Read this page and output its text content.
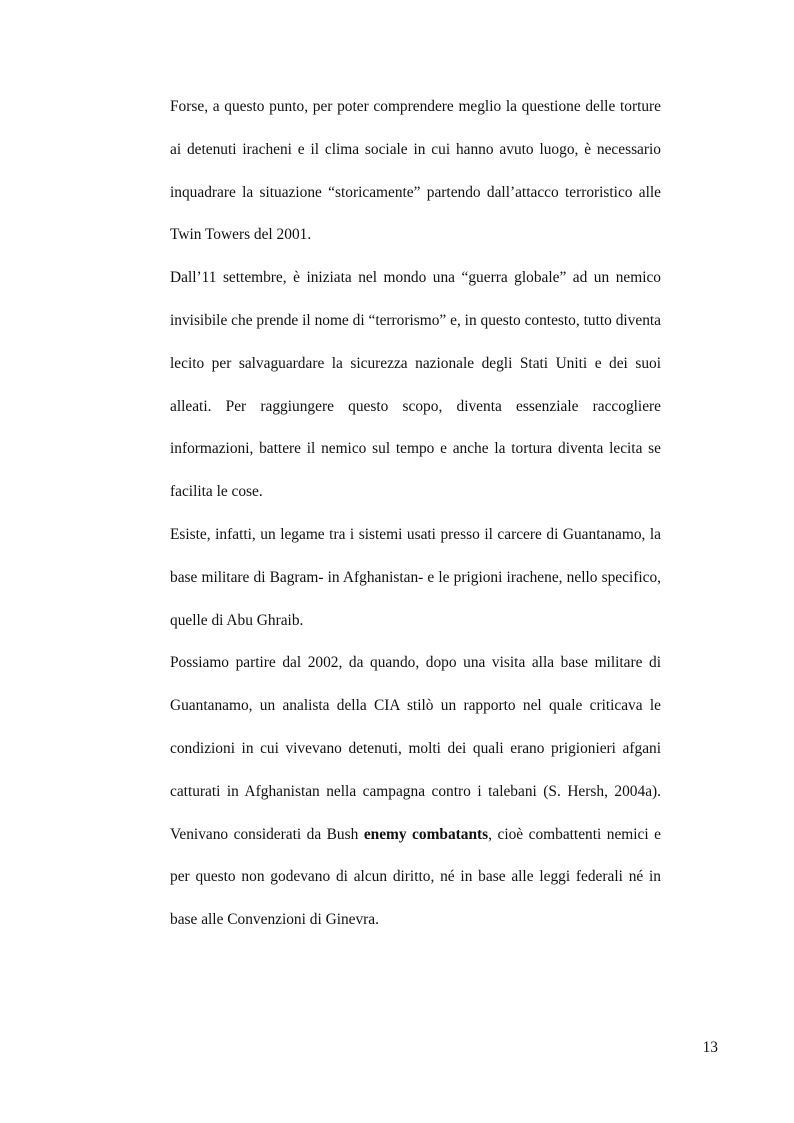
Forse, a questo punto, per poter comprendere meglio la questione delle torture ai detenuti iracheni e il clima sociale in cui hanno avuto luogo, è necessario inquadrare la situazione “storicamente” partendo dall’attacco terroristico alle Twin Towers del 2001.

Dall’11 settembre, è iniziata nel mondo una “guerra globale” ad un nemico invisibile che prende il nome di “terrorismo” e, in questo contesto, tutto diventa lecito per salvaguardare la sicurezza nazionale degli Stati Uniti e dei suoi alleati. Per raggiungere questo scopo, diventa essenziale raccogliere informazioni, battere il nemico sul tempo e anche la tortura diventa lecita se facilita le cose.

Esiste, infatti, un legame tra i sistemi usati presso il carcere di Guantanamo, la base militare di Bagram- in Afghanistan- e le prigioni irachene, nello specifico, quelle di Abu Ghraib.

Possiamo partire dal 2002, da quando, dopo una visita alla base militare di Guantanamo, un analista della CIA stilò un rapporto nel quale criticava le condizioni in cui vivevano detenuti, molti dei quali erano prigionieri afgani catturati in Afghanistan nella campagna contro i talebani (S. Hersh, 2004a). Venivano considerati da Bush enemy combatants, cioè combattenti nemici e per questo non godevano di alcun diritto, né in base alle leggi federali né in base alle Convenzioni di Ginevra.

13
